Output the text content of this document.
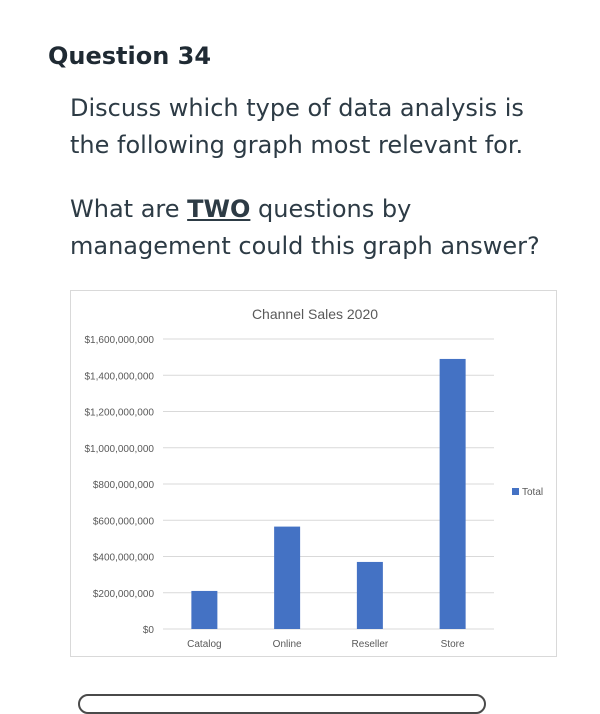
Question 34

Discuss which type of data analysis is the following graph most relevant for.

What are TWO questions by management could this graph answer?

Channel Sales 2020
$0
$200,000,000
$400,000,000
$600,000,000
$800,000,000
$1,000,000,000
$1,200,000,000
$1,400,000,000
$1,600,000,000
Catalog	Online	Reseller	Store
Total
